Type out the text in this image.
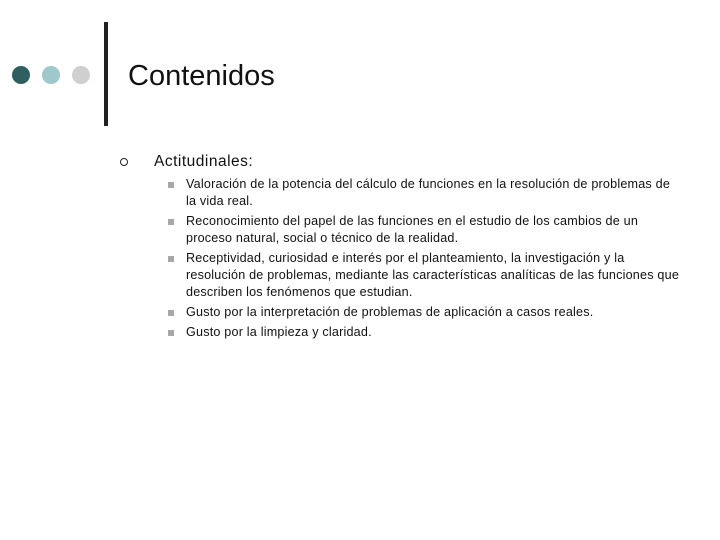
Contenidos
Actitudinales:
Valoración de la potencia del cálculo de funciones en la resolución de problemas de la vida real.
Reconocimiento del papel de las funciones en el estudio de los cambios de un proceso natural, social o técnico de la realidad.
Receptividad, curiosidad e interés por el planteamiento, la investigación y la resolución de problemas, mediante las características analíticas de las funciones que describen los fenómenos que estudian.
Gusto por la interpretación de problemas de aplicación a casos reales.
Gusto por la limpieza y claridad.
